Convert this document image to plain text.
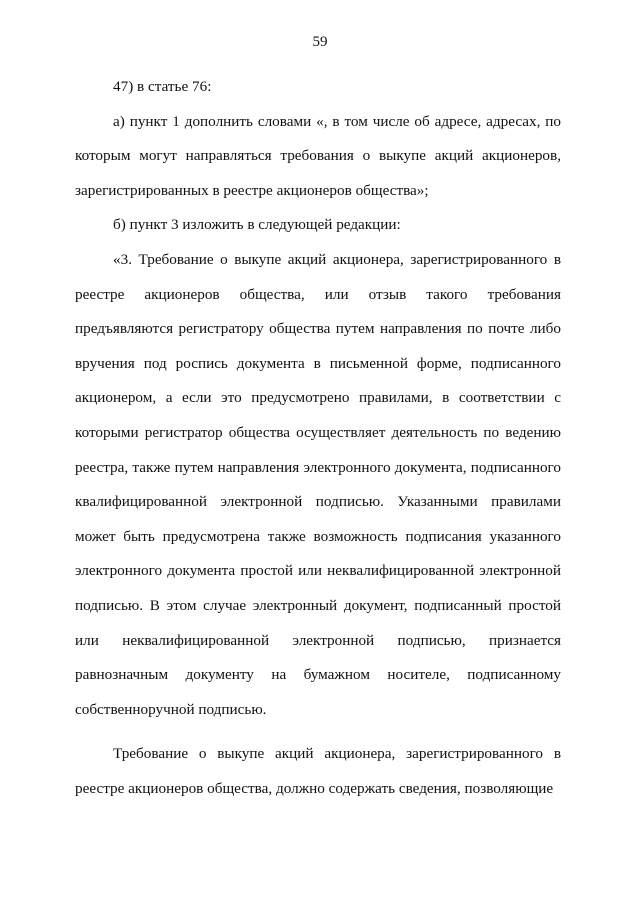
59

47) в статье 76:

а) пункт 1 дополнить словами «, в том числе об адресе, адресах, по которым могут направляться требования о выкупе акций акционеров, зарегистрированных в реестре акционеров общества»;

б) пункт 3 изложить в следующей редакции:

«3. Требование о выкупе акций акционера, зарегистрированного в реестре акционеров общества, или отзыв такого требования предъявляются регистратору общества путем направления по почте либо вручения под роспись документа в письменной форме, подписанного акционером, а если это предусмотрено правилами, в соответствии с которыми регистратор общества осуществляет деятельность по ведению реестра, также путем направления электронного документа, подписанного квалифицированной электронной подписью. Указанными правилами может быть предусмотрена также возможность подписания указанного электронного документа простой или неквалифицированной электронной подписью. В этом случае электронный документ, подписанный простой или неквалифицированной электронной подписью, признается равнозначным документу на бумажном носителе, подписанному собственноручной подписью.

Требование о выкупе акций акционера, зарегистрированного в реестре акционеров общества, должно содержать сведения, позволяющие
